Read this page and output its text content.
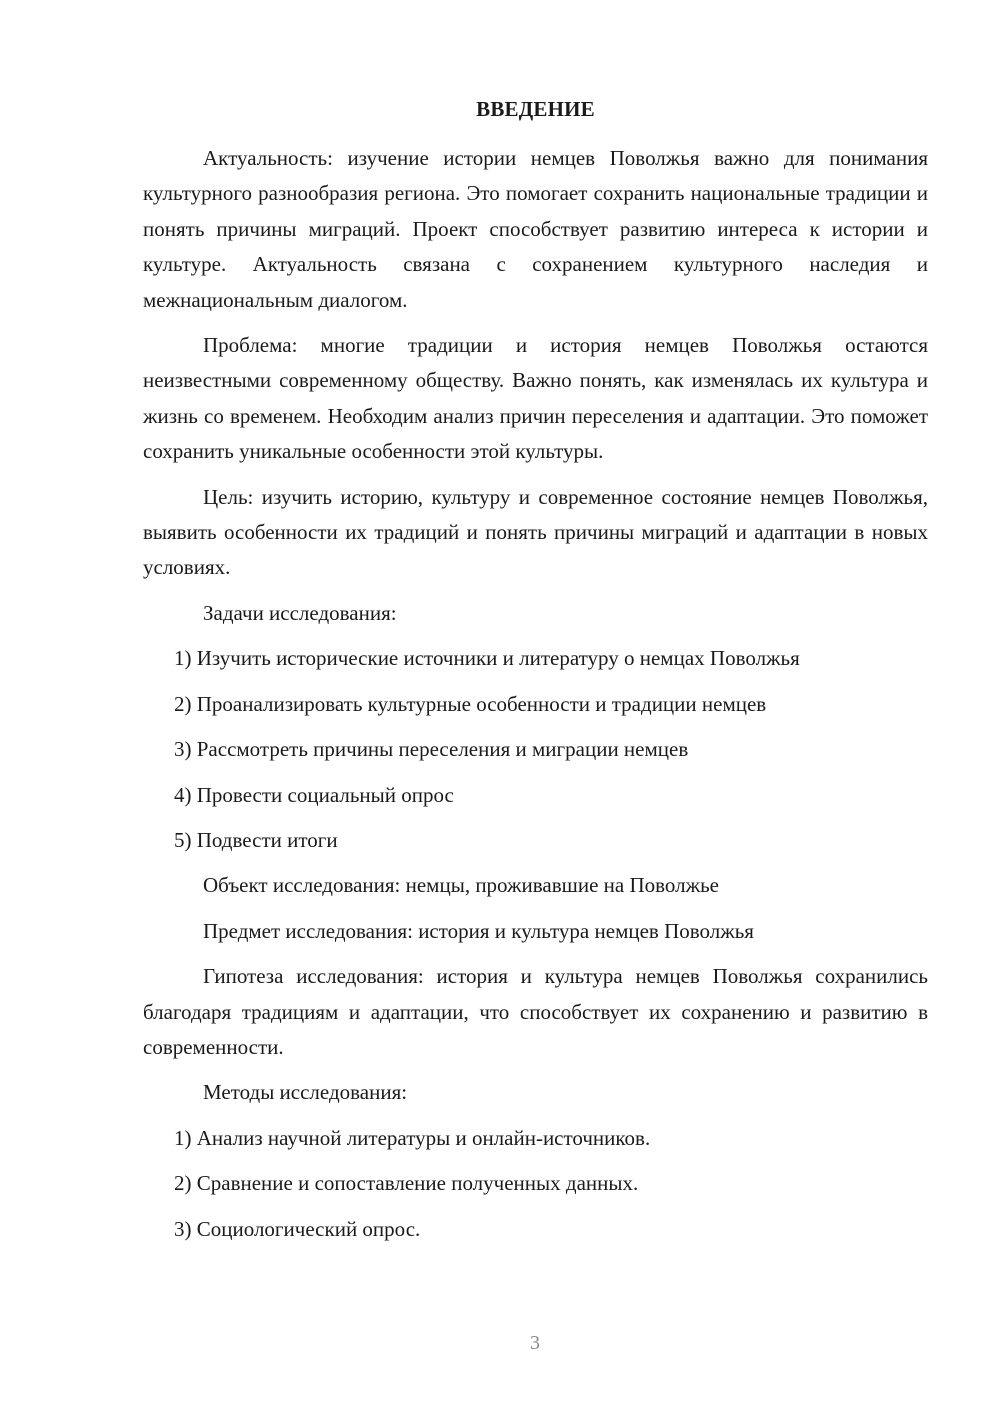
ВВЕДЕНИЕ

Актуальность: изучение истории немцев Поволжья важно для понимания культурного разнообразия региона. Это помогает сохранить национальные традиции и понять причины миграций. Проект способствует развитию интереса к истории и культуре. Актуальность связана с сохранением культурного наследия и межнациональным диалогом.

Проблема: многие традиции и история немцев Поволжья остаются неизвестными современному обществу. Важно понять, как изменялась их культура и жизнь со временем. Необходим анализ причин переселения и адаптации. Это поможет сохранить уникальные особенности этой культуры.

Цель: изучить историю, культуру и современное состояние немцев Поволжья, выявить особенности их традиций и понять причины миграций и адаптации в новых условиях.

Задачи исследования:

1) Изучить исторические источники и литературу о немцах Поволжья
2) Проанализировать культурные особенности и традиции немцев
3) Рассмотреть причины переселения и миграции немцев
4) Провести социальный опрос
5) Подвести итоги

Объект исследования: немцы, проживавшие на Поволжье

Предмет исследования: история и культура немцев Поволжья

Гипотеза исследования: история и культура немцев Поволжья сохранились благодаря традициям и адаптации, что способствует их сохранению и развитию в современности.

Методы исследования:

1) Анализ научной литературы и онлайн-источников.
2) Сравнение и сопоставление полученных данных.
3) Социологический опрос.
3
